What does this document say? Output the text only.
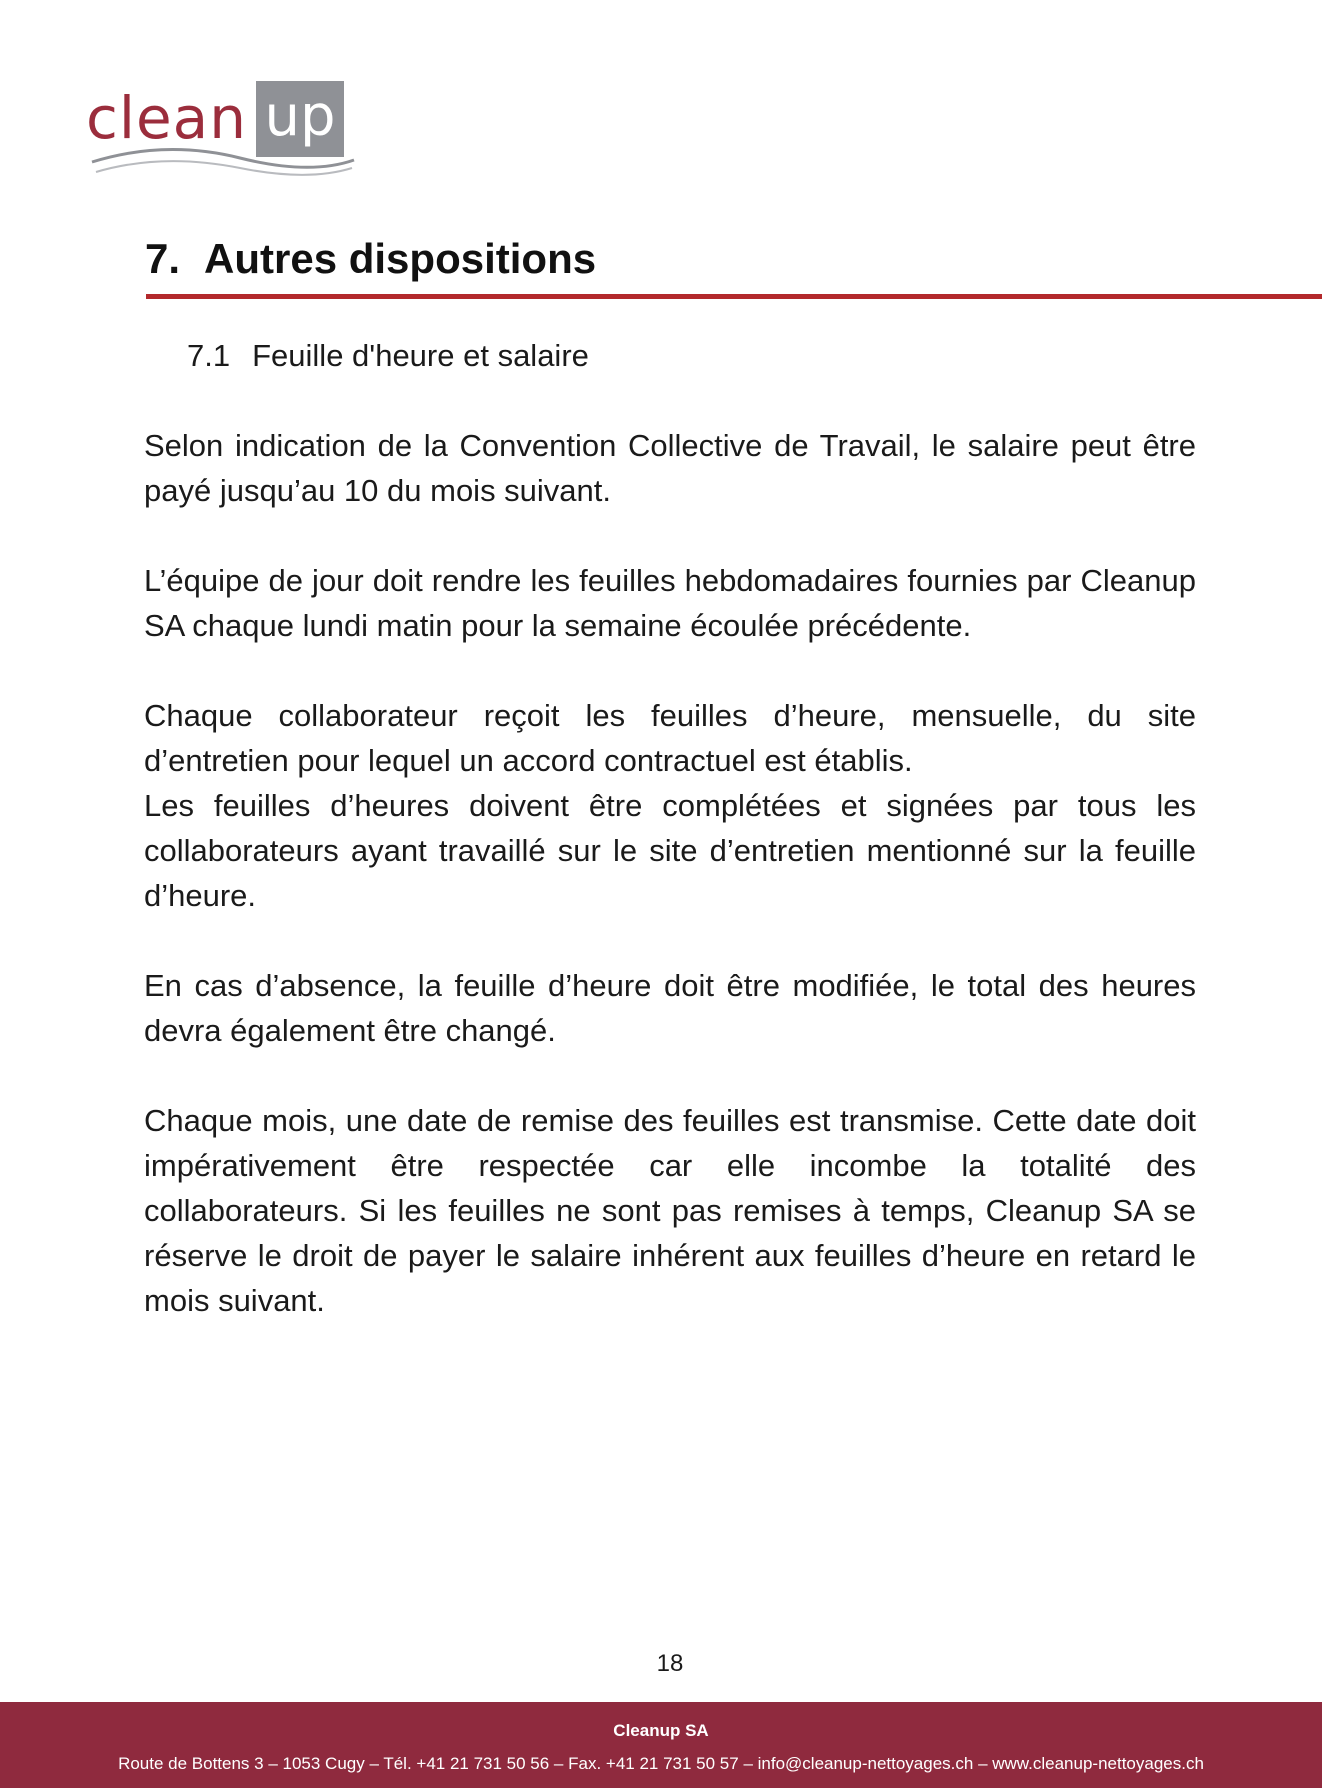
clean up
7. Autres dispositions
7.1 Feuille d'heure et salaire

Selon indication de la Convention Collective de Travail, le salaire peut être payé jusqu’au 10 du mois suivant.

L’équipe de jour doit rendre les feuilles hebdomadaires fournies par Cleanup SA chaque lundi matin pour la semaine écoulée précédente.

Chaque collaborateur reçoit les feuilles d’heure, mensuelle, du site d’entretien pour lequel un accord contractuel est établis.

Les feuilles d’heures doivent être complétées et signées par tous les collaborateurs ayant travaillé sur le site d’entretien mentionné sur la feuille d’heure.

En cas d’absence, la feuille d’heure doit être modifiée, le total des heures devra également être changé.

Chaque mois, une date de remise des feuilles est transmise. Cette date doit impérativement être respectée car elle incombe la totalité des collaborateurs. Si les feuilles ne sont pas remises à temps, Cleanup SA se réserve le droit de payer le salaire inhérent aux feuilles d’heure en retard le mois suivant.

18
Cleanup SA
Route de Bottens 3 – 1053 Cugy – Tél. +41 21 731 50 56 – Fax. +41 21 731 50 57 – info@cleanup-nettoyages.ch – www.cleanup-nettoyages.ch
